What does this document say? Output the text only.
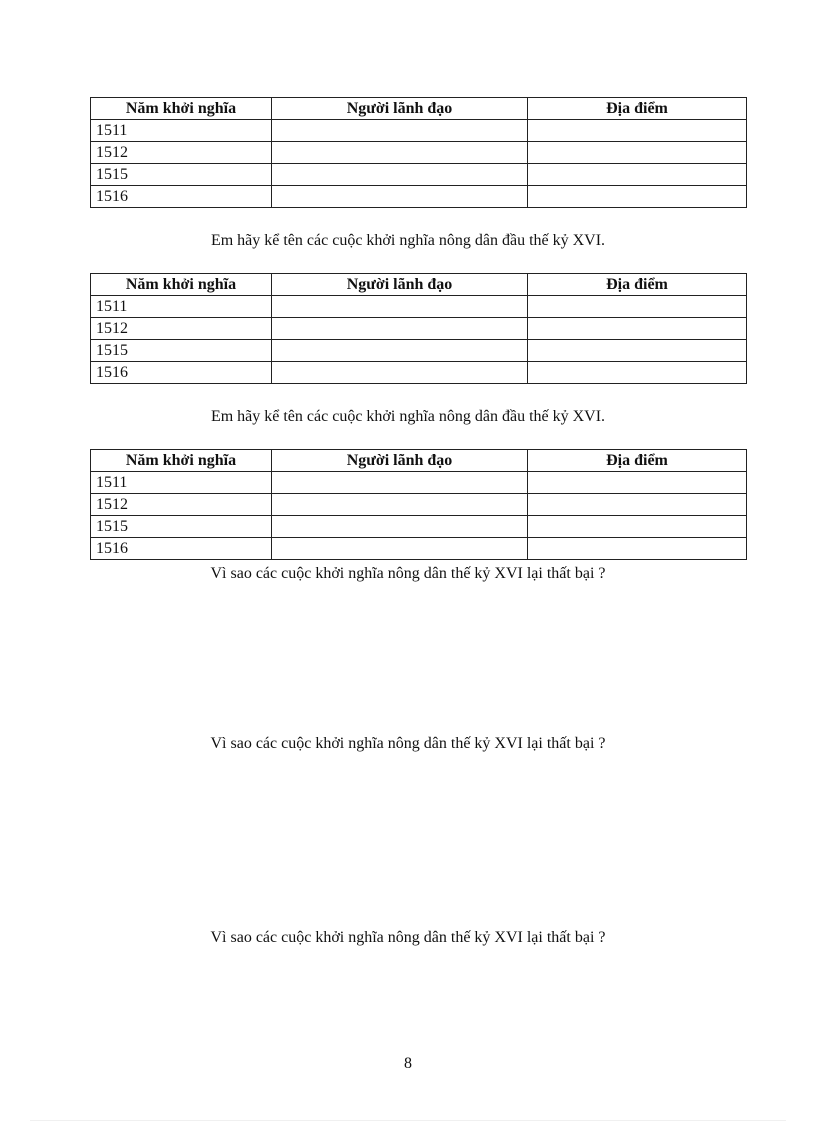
Năm khởi nghĩa	Người lãnh đạo	Địa điểm
1511		
1512		
1515		
1516		
Em hãy kể tên các cuộc khởi nghĩa nông dân đầu thế kỷ XVI.
Năm khởi nghĩa	Người lãnh đạo	Địa điểm
1511		
1512		
1515		
1516		
Em hãy kể tên các cuộc khởi nghĩa nông dân đầu thế kỷ XVI.
Năm khởi nghĩa	Người lãnh đạo	Địa điểm
1511		
1512		
1515		
1516		
Vì sao các cuộc khởi nghĩa nông dân thế kỷ XVI lại thất bại ?
Vì sao các cuộc khởi nghĩa nông dân thế kỷ XVI lại thất bại ?
Vì sao các cuộc khởi nghĩa nông dân thế kỷ XVI lại thất bại ?
8
